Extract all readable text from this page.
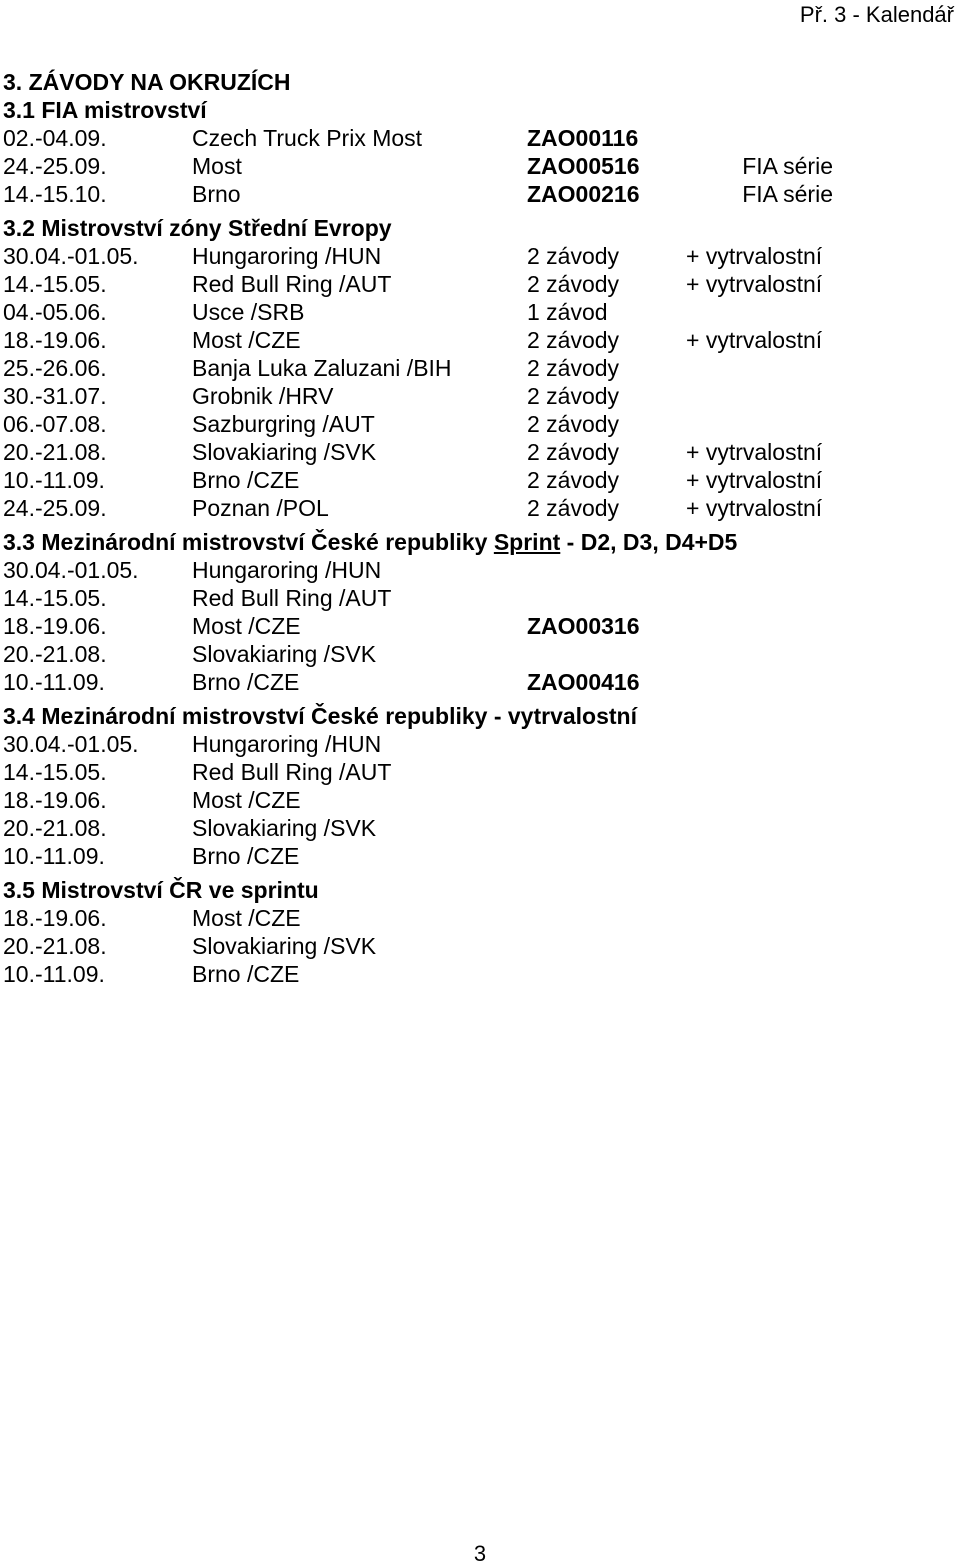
Př. 3 - Kalendář
3. ZÁVODY NA OKRUZÍCH
3.1 FIA mistrovství
02.-04.09.	Czech Truck Prix Most	ZAO00116
24.-25.09.	Most	ZAO00516	FIA série
14.-15.10.	Brno	ZAO00216	FIA série
3.2 Mistrovství zóny Střední Evropy
30.04.-01.05. Hungaroring /HUN	2 závody	+ vytrvalostní
14.-15.05.	Red Bull Ring /AUT	2 závody	+ vytrvalostní
04.-05.06.	Usce /SRB	1 závod
18.-19.06.	Most /CZE	2 závody	+ vytrvalostní
25.-26.06.	Banja Luka Zaluzani /BIH	2 závody
30.-31.07.	Grobnik /HRV	2 závody
06.-07.08.	Sazburgring /AUT	2 závody
20.-21.08.	Slovakiaring /SVK	2 závody	+ vytrvalostní
10.-11.09.	Brno /CZE	2 závody	+ vytrvalostní
24.-25.09.	Poznan /POL	2 závody	+ vytrvalostní
3.3 Mezinárodní mistrovství České republiky Sprint - D2, D3, D4+D5
30.04.-01.05. Hungaroring /HUN
14.-15.05.	Red Bull Ring /AUT
18.-19.06.	Most /CZE	ZAO00316
20.-21.08.	Slovakiaring /SVK
10.-11.09.	Brno /CZE	ZAO00416
3.4 Mezinárodní mistrovství České republiky - vytrvalostní
30.04.-01.05. Hungaroring /HUN
14.-15.05.	Red Bull Ring /AUT
18.-19.06.	Most /CZE
20.-21.08.	Slovakiaring /SVK
10.-11.09.	Brno /CZE
3.5 Mistrovství ČR ve sprintu
18.-19.06.	Most /CZE
20.-21.08.	Slovakiaring /SVK
10.-11.09.	Brno /CZE
3
